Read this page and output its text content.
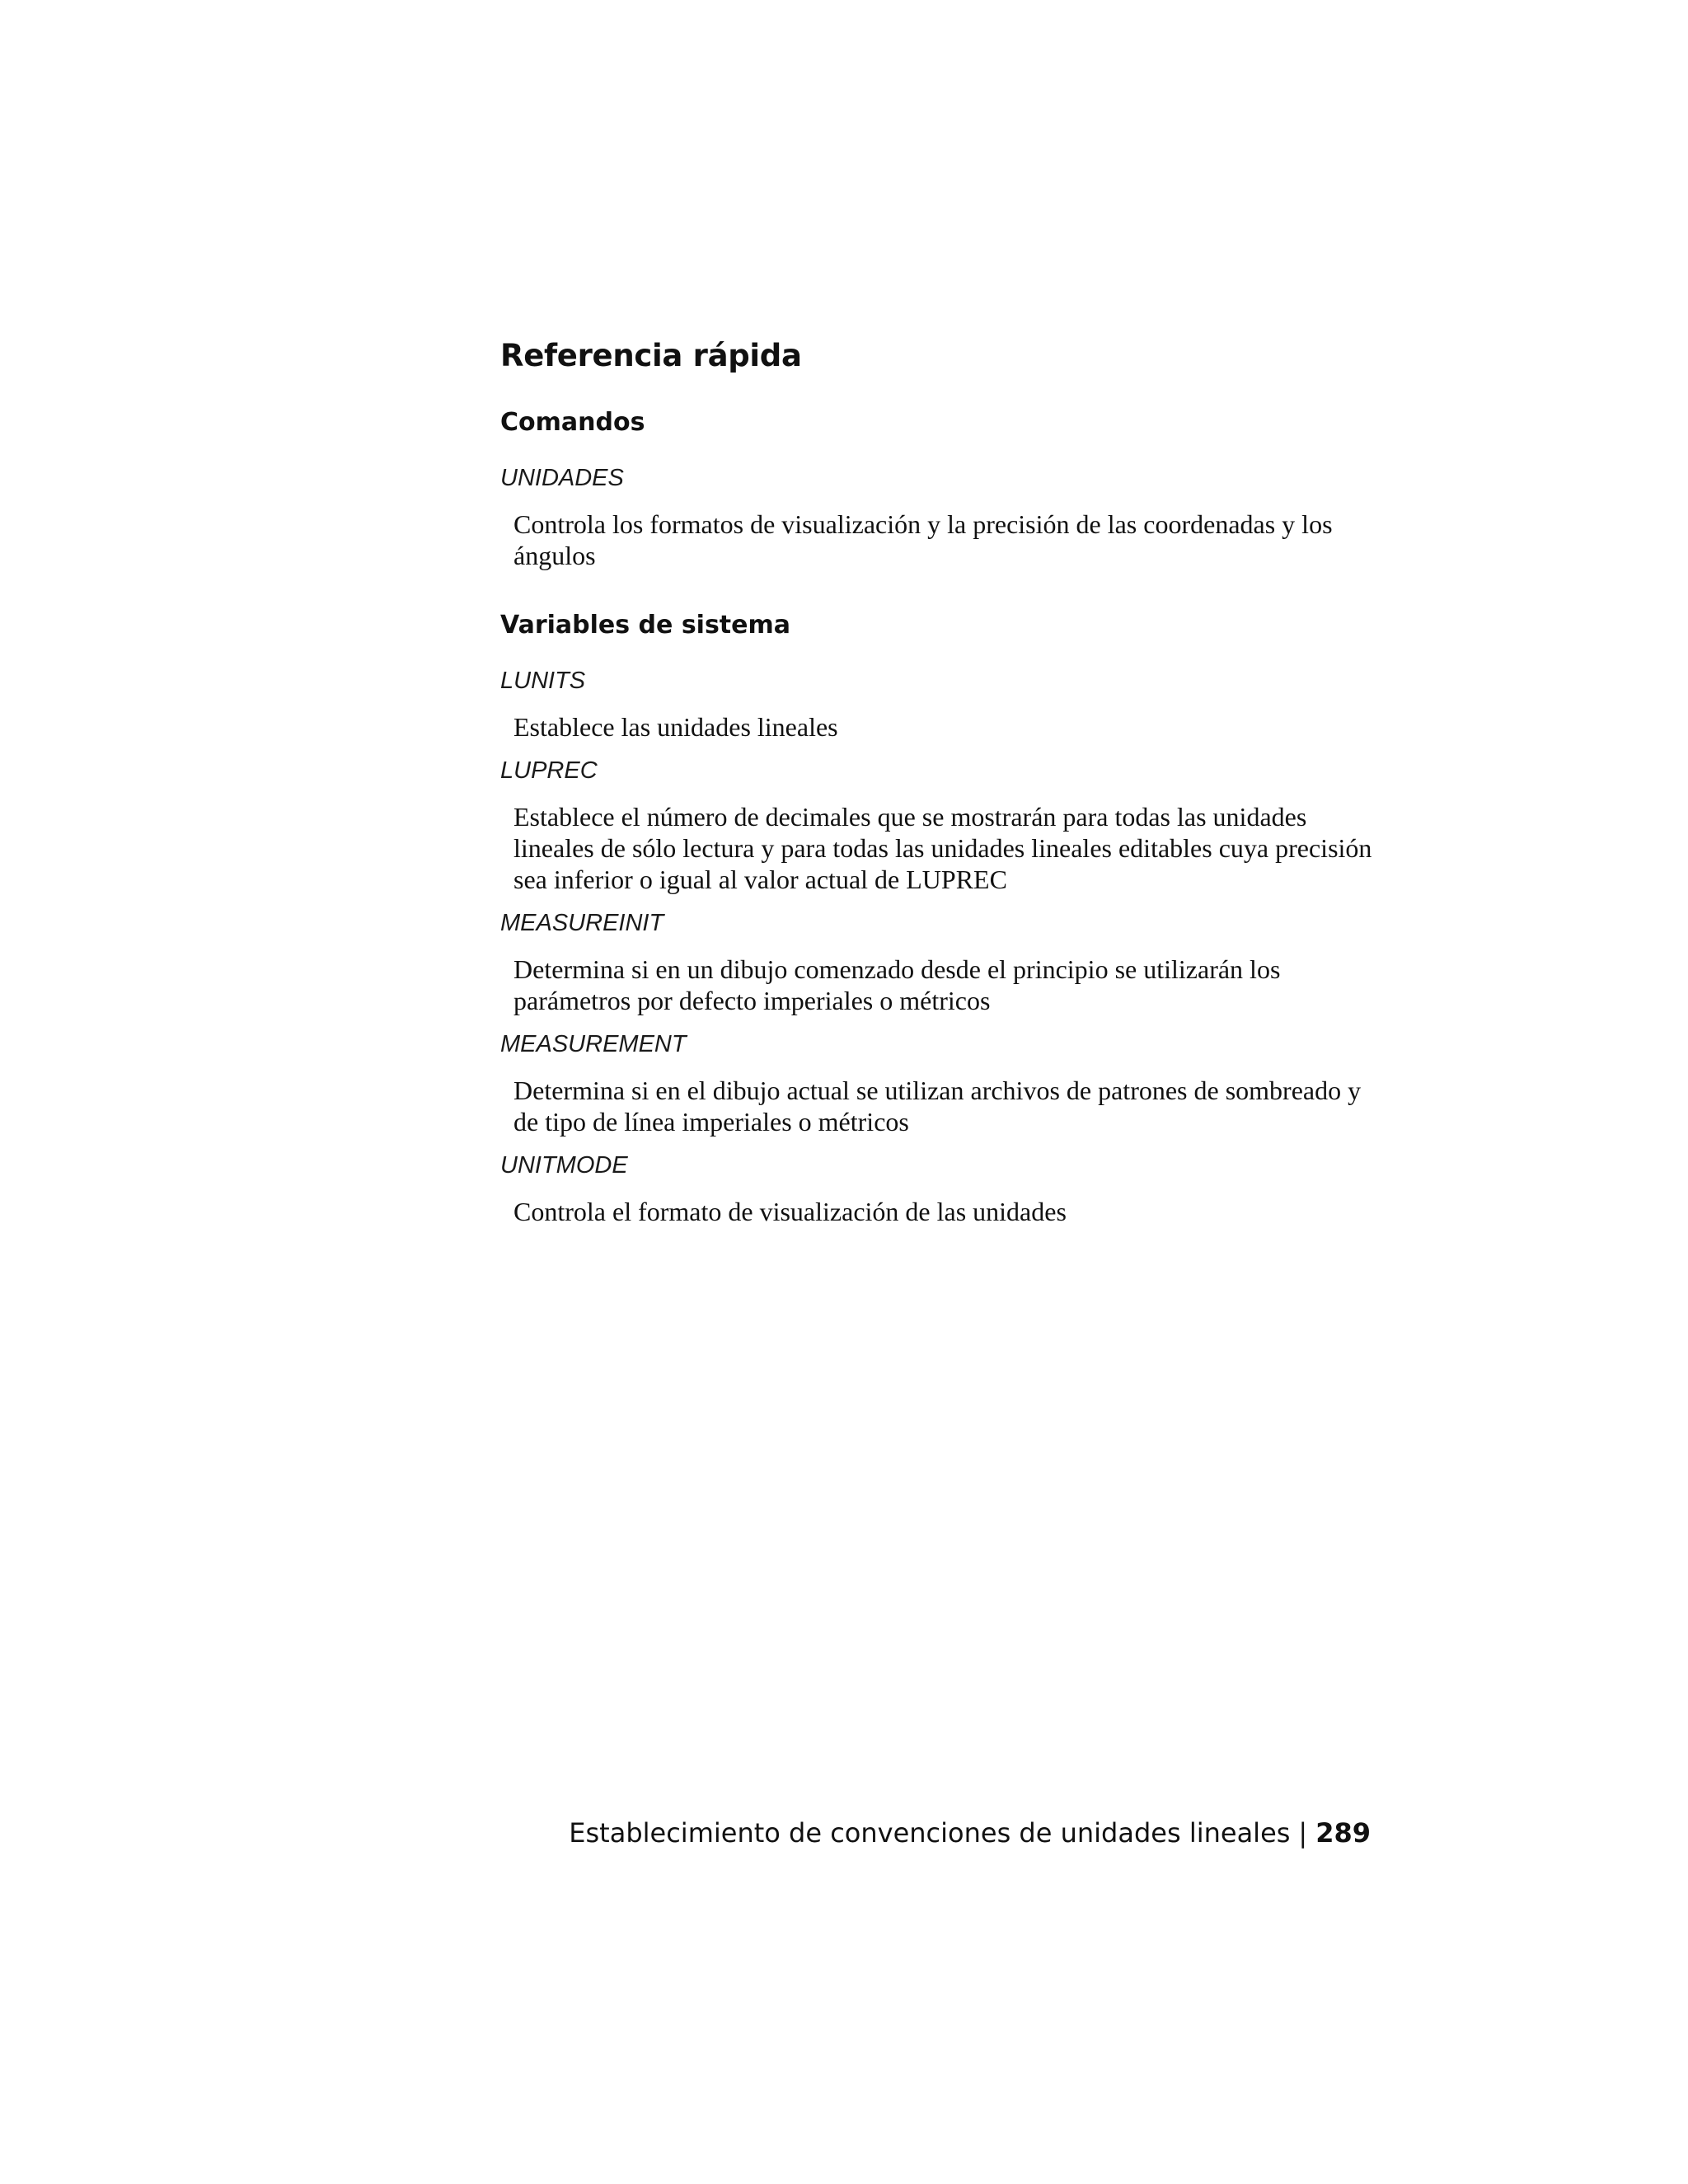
Referencia rápida
Comandos
UNIDADES
Controla los formatos de visualización y la precisión de las coordenadas y los ángulos
Variables de sistema
LUNITS
Establece las unidades lineales
LUPREC
Establece el número de decimales que se mostrarán para todas las unidades lineales de sólo lectura y para todas las unidades lineales editables cuya precisión sea inferior o igual al valor actual de LUPREC
MEASUREINIT
Determina si en un dibujo comenzado desde el principio se utilizarán los parámetros por defecto imperiales o métricos
MEASUREMENT
Determina si en el dibujo actual se utilizan archivos de patrones de sombreado y de tipo de línea imperiales o métricos
UNITMODE
Controla el formato de visualización de las unidades
Establecimiento de convenciones de unidades lineales | 289
